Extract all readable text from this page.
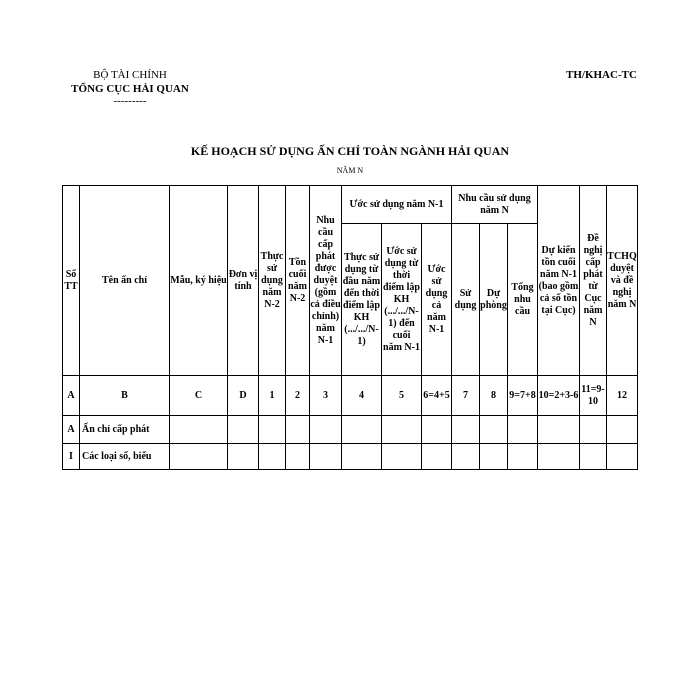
BỘ TÀI CHÍNH
TỔNG CỤC HẢI QUAN
---------
TH/KHAC-TC
KẾ HOẠCH SỬ DỤNG ẤN CHỈ TOÀN NGÀNH HẢI QUAN
NĂM N
Số TT	Tên ấn chỉ	Mẫu, ký hiệu	Đơn vị tính	Thực sử dụng năm N-2	Tồn cuối năm N-2	Nhu cầu cấp phát được duyệt (gồm cả điều chỉnh) năm N-1	Ước sử dụng năm N-1			Nhu cầu sử dụng năm N			Dự kiến tồn cuối năm N-1 (bao gồm cả số tồn tại Cục)	Đề nghị cấp phát từ Cục năm N	TCHQ duyệt và đề nghị năm N
							Thực sử dụng từ đầu năm đến thời điểm lập KH (.../.../N-1)	Ước sử dụng từ thời điểm lập KH (.../.../N-1) đến cuối năm N-1	Ước sử dụng cả năm N-1	Sử dụng	Dự phòng	Tổng nhu cầu			
A	B	C	D	1	2	3	4	5	6=4+5	7	8	9=7+8	10=2+3-6	11=9-10	12
A	Ấn chỉ cấp phát														
I	Các loại sổ, biểu														
